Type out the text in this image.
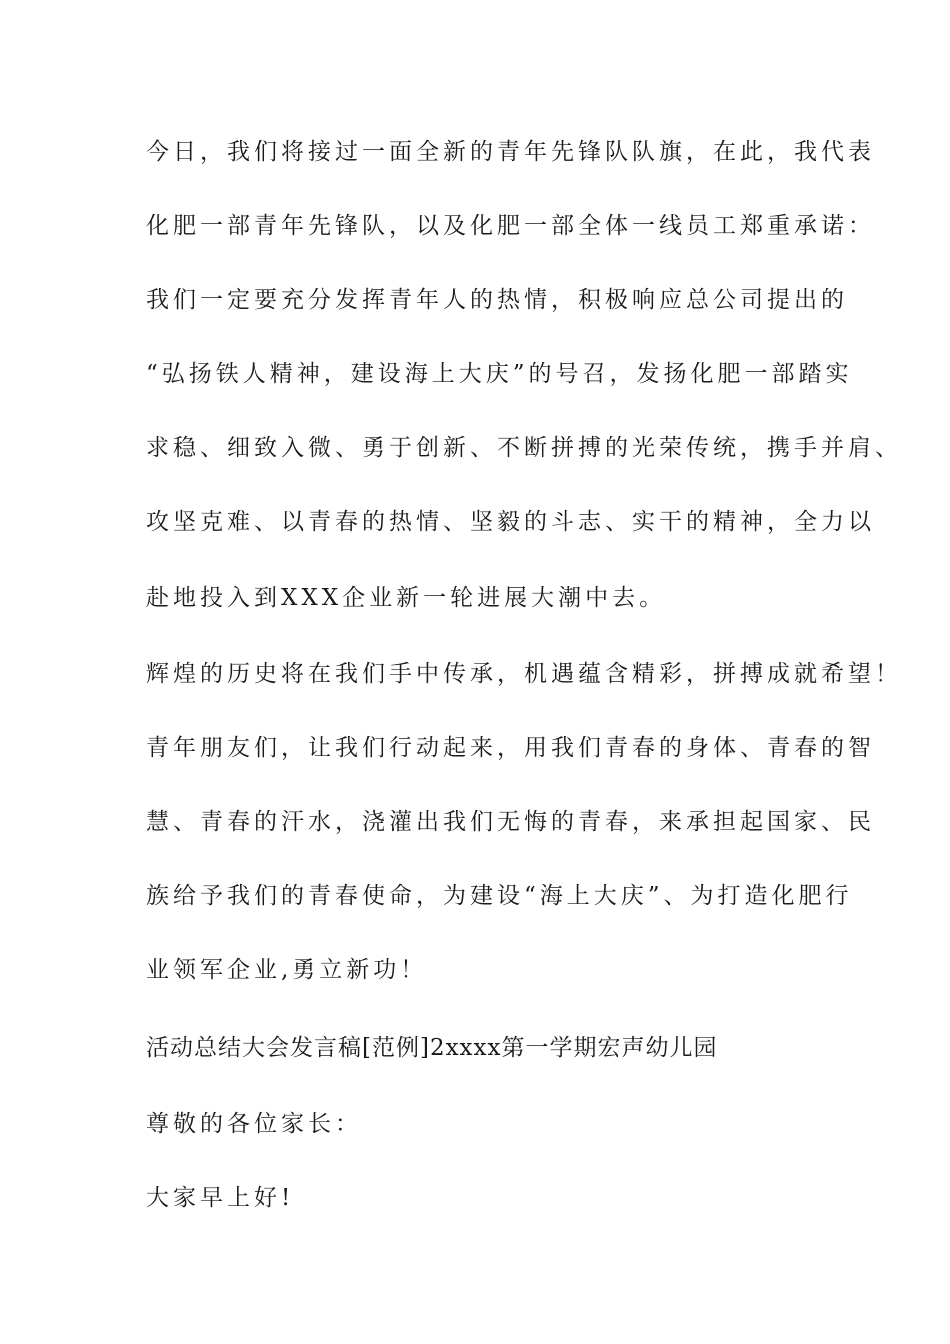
今日，我们将接过一面全新的青年先锋队队旗，在此，我代表
化肥一部青年先锋队，以及化肥一部全体一线员工郑重承诺：
我们一定要充分发挥青年人的热情，积极响应总公司提出的
“弘扬铁人精神，建设海上大庆”的号召，发扬化肥一部踏实
求稳、细致入微、勇于创新、不断拼搏的光荣传统，携手并肩、
攻坚克难、以青春的热情、坚毅的斗志、实干的精神，全力以
赴地投入到XXX企业新一轮进展大潮中去。
辉煌的历史将在我们手中传承，机遇蕴含精彩，拼搏成就希望！
青年朋友们，让我们行动起来，用我们青春的身体、青春的智
慧、青春的汗水，浇灌出我们无悔的青春，来承担起国家、民
族给予我们的青春使命，为建设“海上大庆”、为打造化肥行
业领军企业,勇立新功！
活动总结大会发言稿[范例]2xxxx第一学期宏声幼儿园
尊敬的各位家长：
大家早上好!
